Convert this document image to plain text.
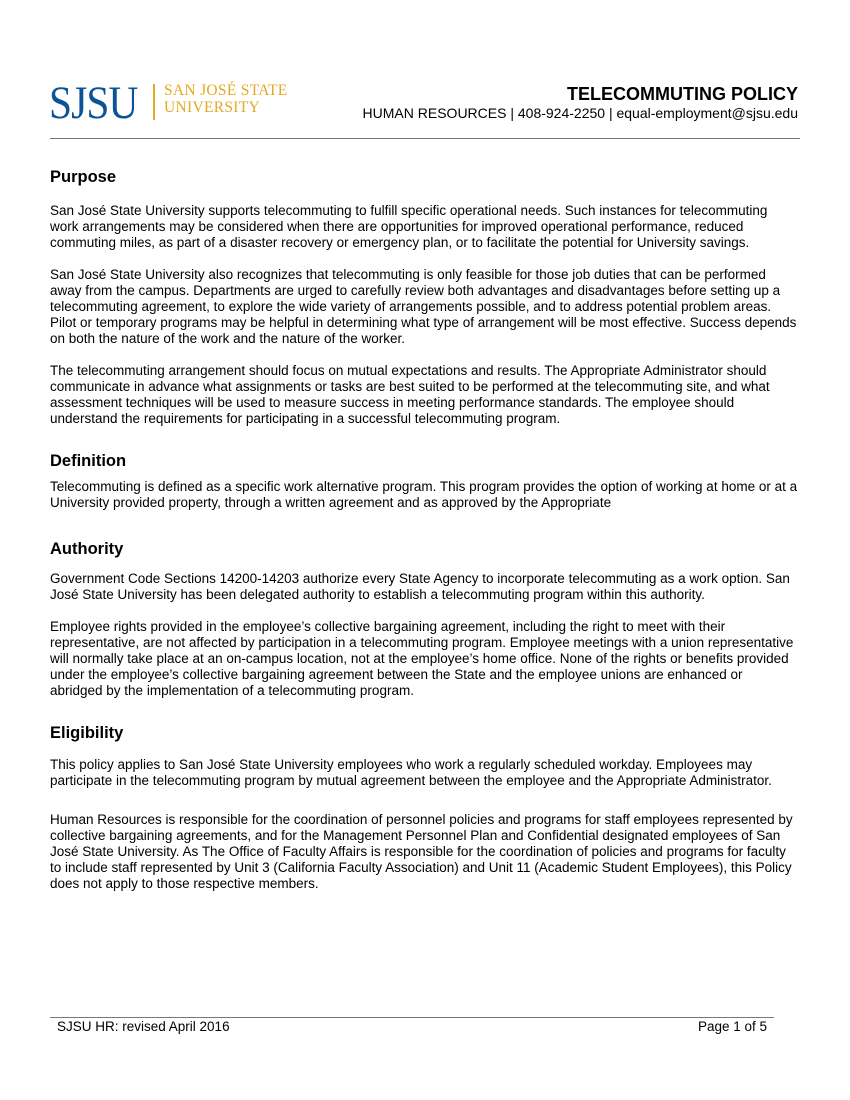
SJSU SAN JOSÉ STATE
UNIVERSITY
TELECOMMUTING POLICY
HUMAN RESOURCES | 408-924-2250 | equal-employment@sjsu.edu
Purpose

San José State University supports telecommuting to fulfill specific operational needs. Such instances for telecommuting work arrangements may be considered when there are opportunities for improved operational performance, reduced commuting miles, as part of a disaster recovery or emergency plan, or to facilitate the potential for University savings.

San José State University also recognizes that telecommuting is only feasible for those job duties that can be performed away from the campus. Departments are urged to carefully review both advantages and disadvantages before setting up a telecommuting agreement, to explore the wide variety of arrangements possible, and to address potential problem areas. Pilot or temporary programs may be helpful in determining what type of arrangement will be most effective. Success depends on both the nature of the work and the nature of the worker.

The telecommuting arrangement should focus on mutual expectations and results. The Appropriate Administrator should communicate in advance what assignments or tasks are best suited to be performed at the telecommuting site, and what assessment techniques will be used to measure success in meeting performance standards. The employee should understand the requirements for participating in a successful telecommuting program.

Definition

Telecommuting is defined as a specific work alternative program. This program provides the option of working at home or at a University provided property, through a written agreement and as approved by the Appropriate

Authority

Government Code Sections 14200-14203 authorize every State Agency to incorporate telecommuting as a work option. San José State University has been delegated authority to establish a telecommuting program within this authority.

Employee rights provided in the employee’s collective bargaining agreement, including the right to meet with their representative, are not affected by participation in a telecommuting program. Employee meetings with a union representative will normally take place at an on-campus location, not at the employee’s home office. None of the rights or benefits provided under the employee’s collective bargaining agreement between the State and the employee unions are enhanced or abridged by the implementation of a telecommuting program.

Eligibility

This policy applies to San José State University employees who work a regularly scheduled workday. Employees may participate in the telecommuting program by mutual agreement between the employee and the Appropriate Administrator.

Human Resources is responsible for the coordination of personnel policies and programs for staff employees represented by collective bargaining agreements, and for the Management Personnel Plan and Confidential designated employees of San José State University. As The Office of Faculty Affairs is responsible for the coordination of policies and programs for faculty to include staff represented by Unit 3 (California Faculty Association) and Unit 11 (Academic Student Employees), this Policy does not apply to those respective members.

SJSU HR: revised April 2016	Page 1 of 5
